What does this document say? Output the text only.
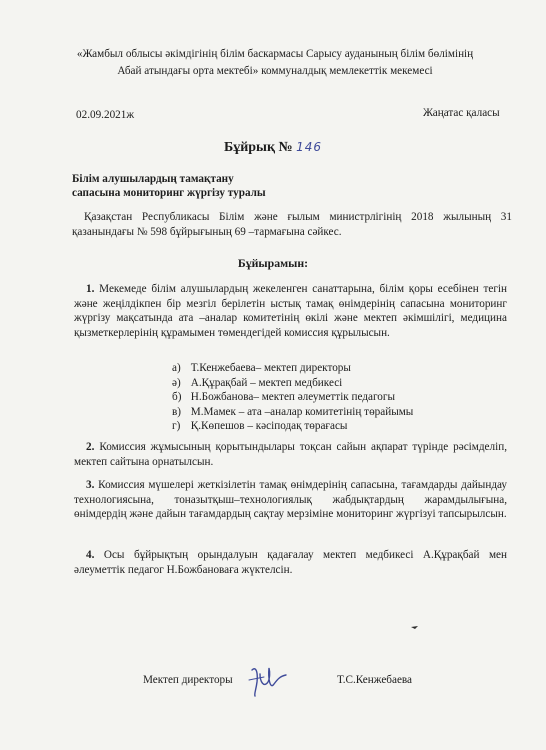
«Жамбыл облысы әкімдігінің білім баскармасы Сарысу ауданының білім бөлімінің
Абай атындағы орта мектебі» коммуналдық мемлекеттік мекемесі
02.09.2021ж	Жаңатас қаласы
Бұйрық № 146
Білім алушылардың тамақтану
сапасына мониторинг жүргізу туралы
Қазақстан Республикасы Білім және ғылым министрлігінің 2018 жылының 31 қазанындағы № 598 бұйрығының 69 –тармағына сәйкес.
Бұйырамын:
1. Мекемеде білім алушылардың жекеленген санаттарына, білім қоры есебінен тегін және жеңілдікпен бір мезгіл берілетін ыстық тамақ өнімдерінің сапасына мониторинг жүргізу мақсатында ата –аналар комитетінің өкілі және мектеп әкімшілігі, медицина қызметкерлерінің құрамымен төмендегідей комиссия құрылысын.
а) Т.Кенжебаева– мектеп директоры
ә) А.Құрақбай – мектеп медбикесі
б) Н.Божбанова– мектеп әлеуметтік педагогы
в) М.Мамек – ата –аналар комитетінің төрайымы
г) Қ.Көпешов – кәсіподақ төрағасы
2. Комиссия жұмысының қорытындылары тоқсан сайын ақпарат түрінде рәсімделіп, мектеп сайтына орнатылсын.
3. Комиссия мүшелері жеткізілетін тамақ өнімдерінің сапасына, тағамдарды дайындау технологиясына, тоназытқыш–технологиялық жабдықтардың жарамдылығына, өнімдердің және дайын тағамдардың сақтау мерзіміне мониторинг жүргізуі тапсырылсын.
4. Осы бұйрықтың орындалуын қадағалау мектеп медбикесі А.Құрақбай мен әлеуметтік педагог Н.Божбановаға жүктелсін.
Мектеп директоры	Т.С.Кенжебаева
